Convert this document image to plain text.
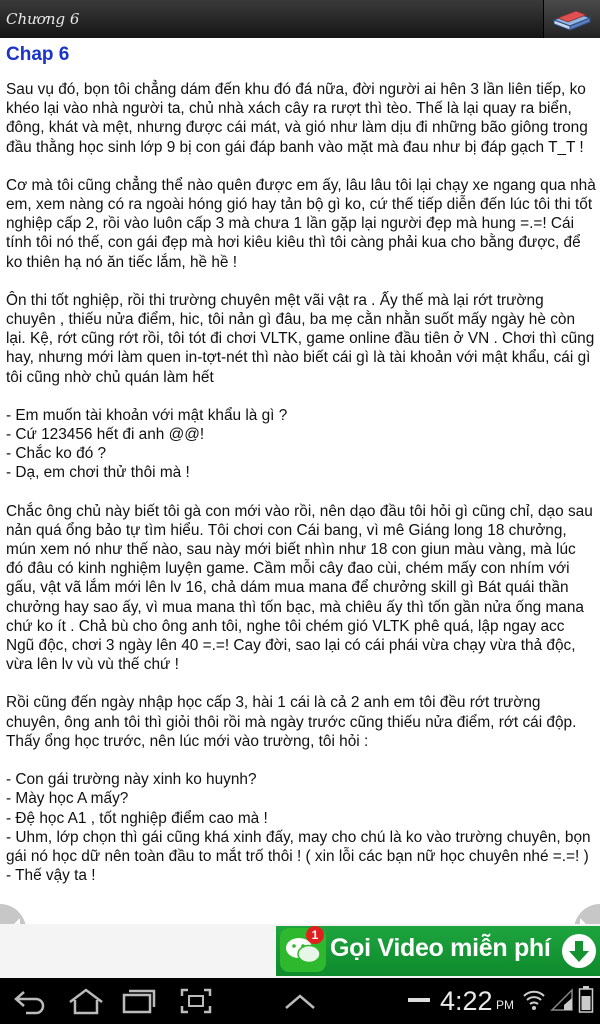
Chương 6
Chap 6

Sau vụ đó, bọn tôi chẳng dám đến khu đó đá nữa, đời người ai hên 3 lần liên tiếp, ko khéo lại vào nhà người ta, chủ nhà xách cây ra rượt thì tèo. Thế là lại quay ra biển, đông, khát và mệt, nhưng được cái mát, và gió như làm dịu đi những bão giông trong đầu thằng học sinh lớp 9 bị con gái đáp banh vào mặt mà đau như bị đáp gạch T_T !

Cơ mà tôi cũng chẳng thể nào quên được em ấy, lâu lâu tôi lại chạy xe ngang qua nhà em, xem nàng có ra ngoài hóng gió hay tản bộ gì ko, cứ thế tiếp diễn đến lúc tôi thi tốt nghiệp cấp 2, rồi vào luôn cấp 3 mà chưa 1 lần gặp lại người đẹp mà hung =.=! Cái tính tôi nó thế, con gái đẹp mà hơi kiêu kiêu thì tôi càng phải kua cho bằng được, để ko thiên hạ nó ăn tiếc lắm, hề hề !

Ôn thi tốt nghiệp, rồi thi trường chuyên mệt vãi vật ra . Ấy thế mà lại rớt trường chuyên , thiếu nửa điểm, hic, tôi nản gì đâu, ba mẹ cằn nhằn suốt mấy ngày hè còn lại. Kệ, rớt cũng rớt rồi, tôi tót đi chơi VLTK, game online đầu tiên ở VN . Chơi thì cũng hay, nhưng mới làm quen in-tợt-nét thì nào biết cái gì là tài khoản với mật khẩu, cái gì tôi cũng nhờ chủ quán làm hết

- Em muốn tài khoản với mật khẩu là gì ?
- Cứ 123456 hết đi anh @@!
- Chắc ko đó ?
- Dạ, em chơi thử thôi mà !

Chắc ông chủ này biết tôi gà con mới vào rồi, nên dạo đầu tôi hỏi gì cũng chỉ, dạo sau nản quá ổng bảo tự tìm hiểu. Tôi chơi con Cái bang, vì mê Giáng long 18 chưởng, mún xem nó như thế nào, sau này mới biết nhìn như 18 con giun màu vàng, mà lúc đó đâu có kinh nghiệm luyện game. Cầm mỗi cây đao cùi, chém mấy con nhím với gấu, vật vã lắm mới lên lv 16, chả dám mua mana để chưởng skill gì Bát quái thần chưởng hay sao ấy, vì mua mana thì tốn bạc, mà chiêu ấy thì tốn gần nửa ống mana chứ ko ít . Chả bù cho ông anh tôi, nghe tôi chém gió VLTK phê quá, lập ngay acc Ngũ độc, chơi 3 ngày lên 40 =.=! Cay đời, sao lại có cái phái vừa chạy vừa thả độc, vừa lên lv vù vù thế chứ !

Rồi cũng đến ngày nhập học cấp 3, hài 1 cái là cả 2 anh em tôi đều rớt trường chuyên, ông anh tôi thì giỏi thôi rồi mà ngày trước cũng thiếu nửa điểm, rớt cái độp. Thấy ổng học trước, nên lúc mới vào trường, tôi hỏi :

- Con gái trường này xinh ko huynh?
- Mày học A mấy?
- Đệ học A1 , tốt nghiệp điểm cao mà !
- Uhm, lớp chọn thì gái cũng khá xinh đấy, may cho chú là ko vào trường chuyên, bọn gái nó học dữ nên toàn đầu to mắt trố thôi ! ( xin lỗi các bạn nữ học chuyên nhé =.=! )
- Thế vậy ta !

1 Gọi Video miễn phí
4:22 PM
